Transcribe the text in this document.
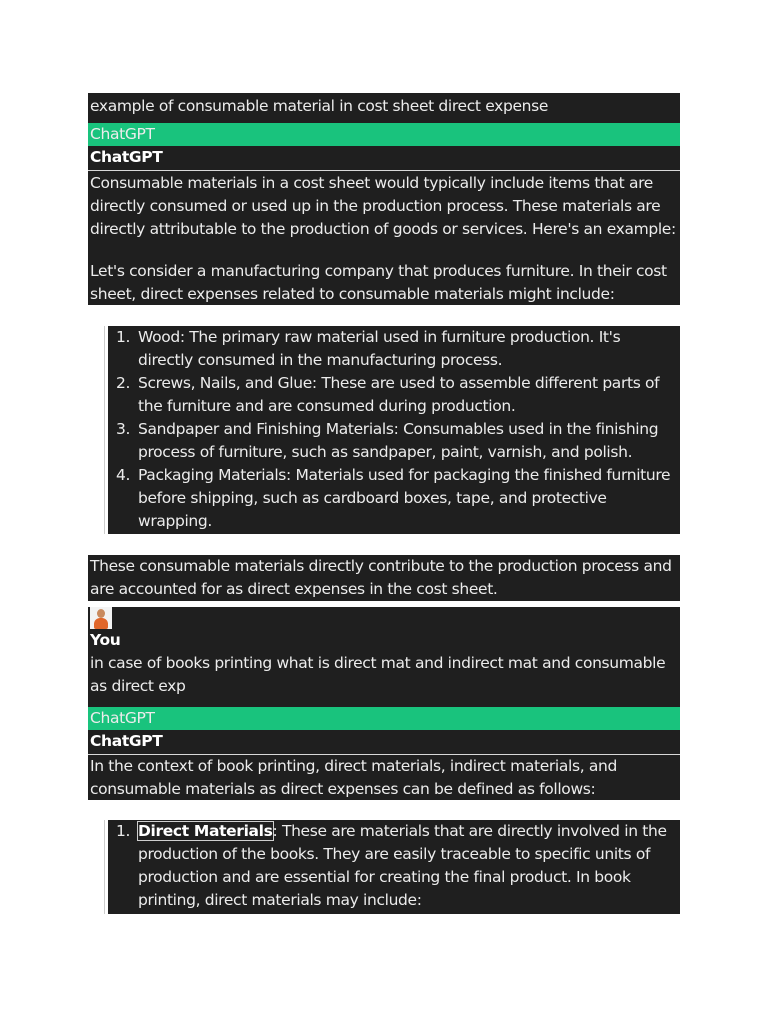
example of consumable material in cost sheet direct expense
ChatGPT
ChatGPT
Consumable materials in a cost sheet would typically include items that are
directly consumed or used up in the production process. These materials are
directly attributable to the production of goods or services. Here's an example:
Let's consider a manufacturing company that produces furniture. In their cost
sheet, direct expenses related to consumable materials might include:
1. Wood: The primary raw material used in furniture production. It's
directly consumed in the manufacturing process.
2. Screws, Nails, and Glue: These are used to assemble different parts of
the furniture and are consumed during production.
3. Sandpaper and Finishing Materials: Consumables used in the finishing
process of furniture, such as sandpaper, paint, varnish, and polish.
4. Packaging Materials: Materials used for packaging the finished furniture
before shipping, such as cardboard boxes, tape, and protective
wrapping.
These consumable materials directly contribute to the production process and
are accounted for as direct expenses in the cost sheet.
You
in case of books printing what is direct mat and indirect mat and consumable
as direct exp
ChatGPT
ChatGPT
In the context of book printing, direct materials, indirect materials, and
consumable materials as direct expenses can be defined as follows:
1. Direct Materials: These are materials that are directly involved in the
production of the books. They are easily traceable to specific units of
production and are essential for creating the final product. In book
printing, direct materials may include:
